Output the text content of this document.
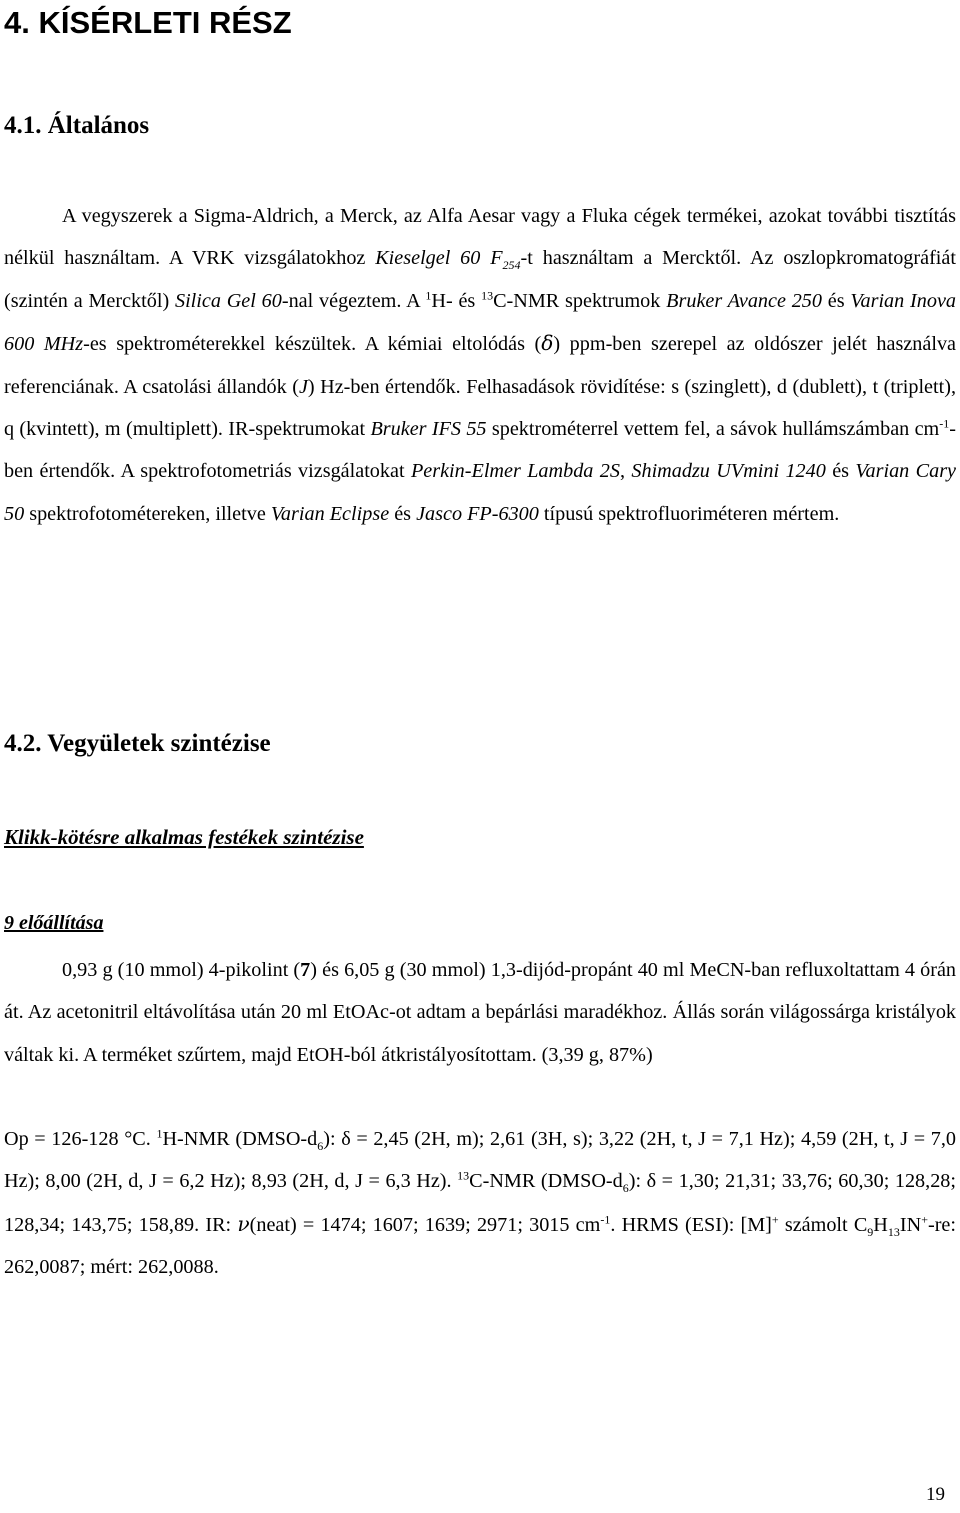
4. KÍSÉRLETI RÉSZ
4.1. Általános

A vegyszerek a Sigma-Aldrich, a Merck, az Alfa Aesar vagy a Fluka cégek termékei, azokat további tisztítás nélkül használtam. A VRK vizsgálatokhoz Kieselgel 60 $F_{254}-t$ használtam a Mercktől. Az oszlopkromatográfiát (szintén a Mercktől) Silica Gel 60-nal végeztem. A $^1$H- és $^{13}$C-NMR spektrumok Bruker Avance 250 és Varian Inova 600 MHz-es spektrométerekkel készültek. A kémiai eltolódás (δ) ppm-ben szerepel az oldószer jelét használva referenciának. A csatolási állandók (J) Hz-ben értendők. Felhasadások rövidítése: s (szinglett), d (dublett), t (triplett), q (kvintett), m (multiplett). IR-spektrumokat Bruker IFS 55 spektrométerrel vettem fel, a sávok hullámszámban $cm^{-1}$-ben értendők. A spektrofotometriás vizsgálatokat Perkin-Elmer Lambda 2S, Shimadzu UVmini 1240 és Varian Cary 50 spektrofotométereken, illetve Varian Eclipse és Jasco FP-6300 típusú spektrofluoriméteren mértem.

4.2. Vegyületek szintézise
Klikk-kötésre alkalmas festékek szintézise
9 előállítása

0,93 g (10 mmol) 4-pikolint (7) és 6,05 g (30 mmol) 1,3-dijód-propánt 40 ml MeCN-ban refluxoltattam 4 órán át. Az acetonitril eltávolítása után 20 ml EtOAc-ot adtam a bepárlási maradékhoz. Állás során világossárga kristályok váltak ki. A terméket szűrtem, majd EtOH-ból átkristályosítottam. (3,39 g, 87%)

Op = 126-128 °C. $^1$H-NMR $(DMSO-d_6)$: δ = 2,45 (2H, m); 2,61 (3H, s); 3,22 (2H, t, J = 7,1 Hz); 4,59 (2H, t, J = 7,0 Hz); 8,00 (2H, d, J = 6,2 Hz); 8,93 (2H, d, J = 6,3 Hz). $^{13}$C-NMR $(DMSO-d_6)$: δ = 1,30; 21,31; 33,76; 60,30; 128,28; 128,34; 143,75; 158,89. IR: ν(neat) = 1474; 1607; 1639; 2971; 3015 $cm^{-1}$. HRMS (ESI): [M]+ számolt $C_9H_{13}IN^+-re$: 262,0087; mért: 262,0088.

19
